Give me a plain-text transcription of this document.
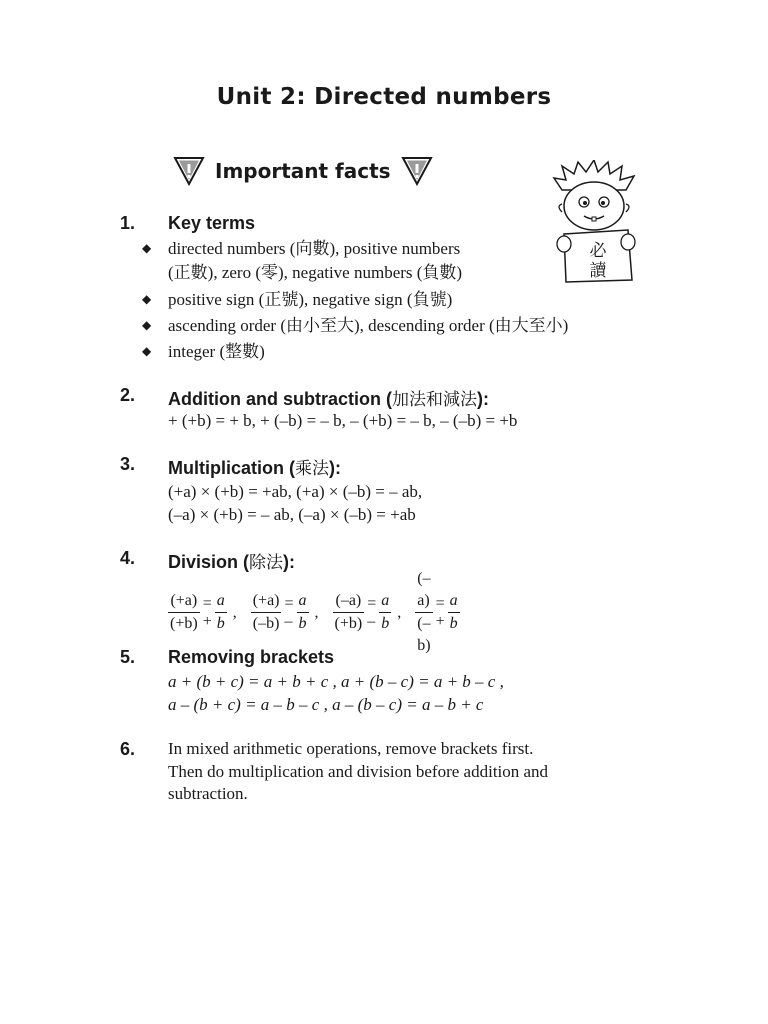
Unit 2: Directed numbers
Important facts
必
讀
1. Key terms
◆ directed numbers (向數), positive numbers
(正數), zero (零), negative numbers (負數)
◆ positive sign (正號), negative sign (負號)
◆ ascending order (由小至大), descending order (由大至小)
◆ integer (整數)
2. Addition and subtraction (加法和減法):
+ (+b) = + b, + (–b) = – b, – (+b) = – b, – (–b) = +b
3. Multiplication (乘法):
(+a) × (+b) = +ab, (+a) × (–b) = – ab,
(–a) × (+b) = – ab, (–a) × (–b) = +ab
4. Division (除法):
$\frac{(+a)}{(+b)}$ = + $\frac{a}{b}$ , $\frac{(+a)}{(-b)}$ = – $\frac{a}{b}$ , $\frac{(-a)}{(+b)}$ = – $\frac{a}{b}$ , $\frac{(-a)}{(-b)}$ = + $\frac{a}{b}$
5. Removing brackets
a + (b + c) = a + b + c , a + (b – c) = a + b – c ,
a – (b + c) = a – b – c , a – (b – c) = a – b + c
6. In mixed arithmetic operations, remove brackets first.
Then do multiplication and division before addition and
subtraction.
